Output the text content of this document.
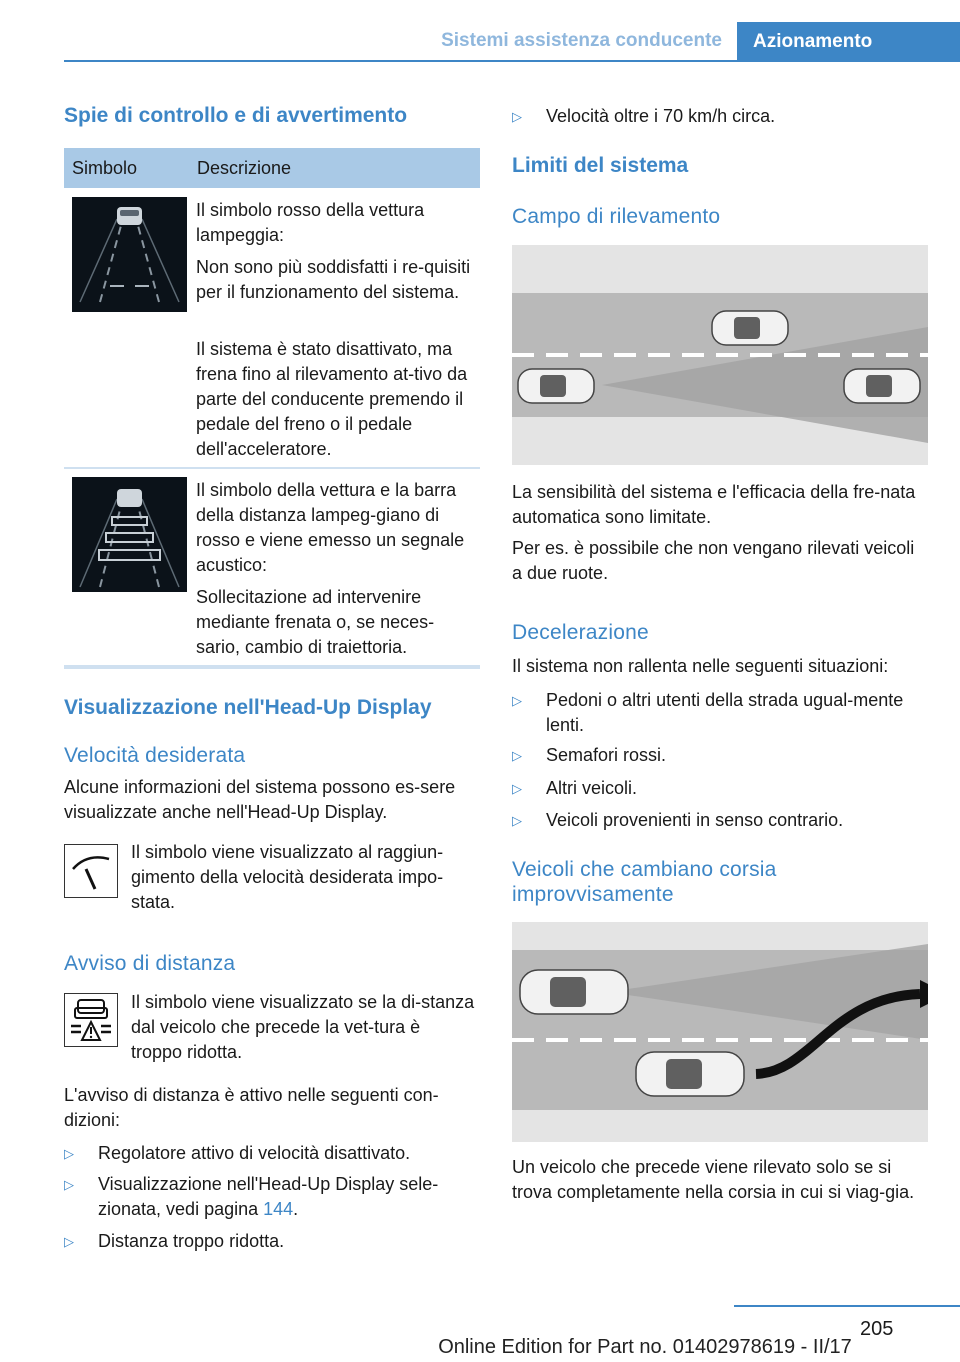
Sistemi assistenza conducente	Azionamento
Spie di controllo e di avvertimento
Simbolo	Descrizione
Il simbolo rosso della vettura lampeggia:
Non sono più soddisfatti i re-quisiti per il funzionamento del sistema.
Il sistema è stato disattivato, ma frena fino al rilevamento at-tivo da parte del conducente premendo il pedale del freno o il pedale dell'acceleratore.
Il simbolo della vettura e la barra della distanza lampeg-giano di rosso e viene emesso un segnale acustico:
Sollecitazione ad intervenire mediante frenata o, se neces-sario, cambio di traiettoria.
Visualizzazione nell'Head-Up Display
Velocità desiderata
Alcune informazioni del sistema possono es-sere visualizzate anche nell'Head-Up Display.
Il simbolo viene visualizzato al raggiun-gimento della velocità desiderata impo-stata.
Avviso di distanza
Il simbolo viene visualizzato se la di-stanza dal veicolo che precede la vet-tura è troppo ridotta.
L'avviso di distanza è attivo nelle seguenti con-dizioni:
▷ Regolatore attivo di velocità disattivato.
▷ Visualizzazione nell'Head-Up Display sele-zionata, vedi pagina 144.
▷ Distanza troppo ridotta.
▷ Velocità oltre i 70 km/h circa.
Limiti del sistema
Campo di rilevamento
La sensibilità del sistema e l'efficacia della fre-nata automatica sono limitate.
Per es. è possibile che non vengano rilevati veicoli a due ruote.
Decelerazione
Il sistema non rallenta nelle seguenti situazioni:
▷ Pedoni o altri utenti della strada ugual-mente lenti.
▷ Semafori rossi.
▷ Altri veicoli.
▷ Veicoli provenienti in senso contrario.
Veicoli che cambiano corsia improvvisamente
Un veicolo che precede viene rilevato solo se si trova completamente nella corsia in cui si viag-gia.
205
Online Edition for Part no. 01402978619 - II/17
